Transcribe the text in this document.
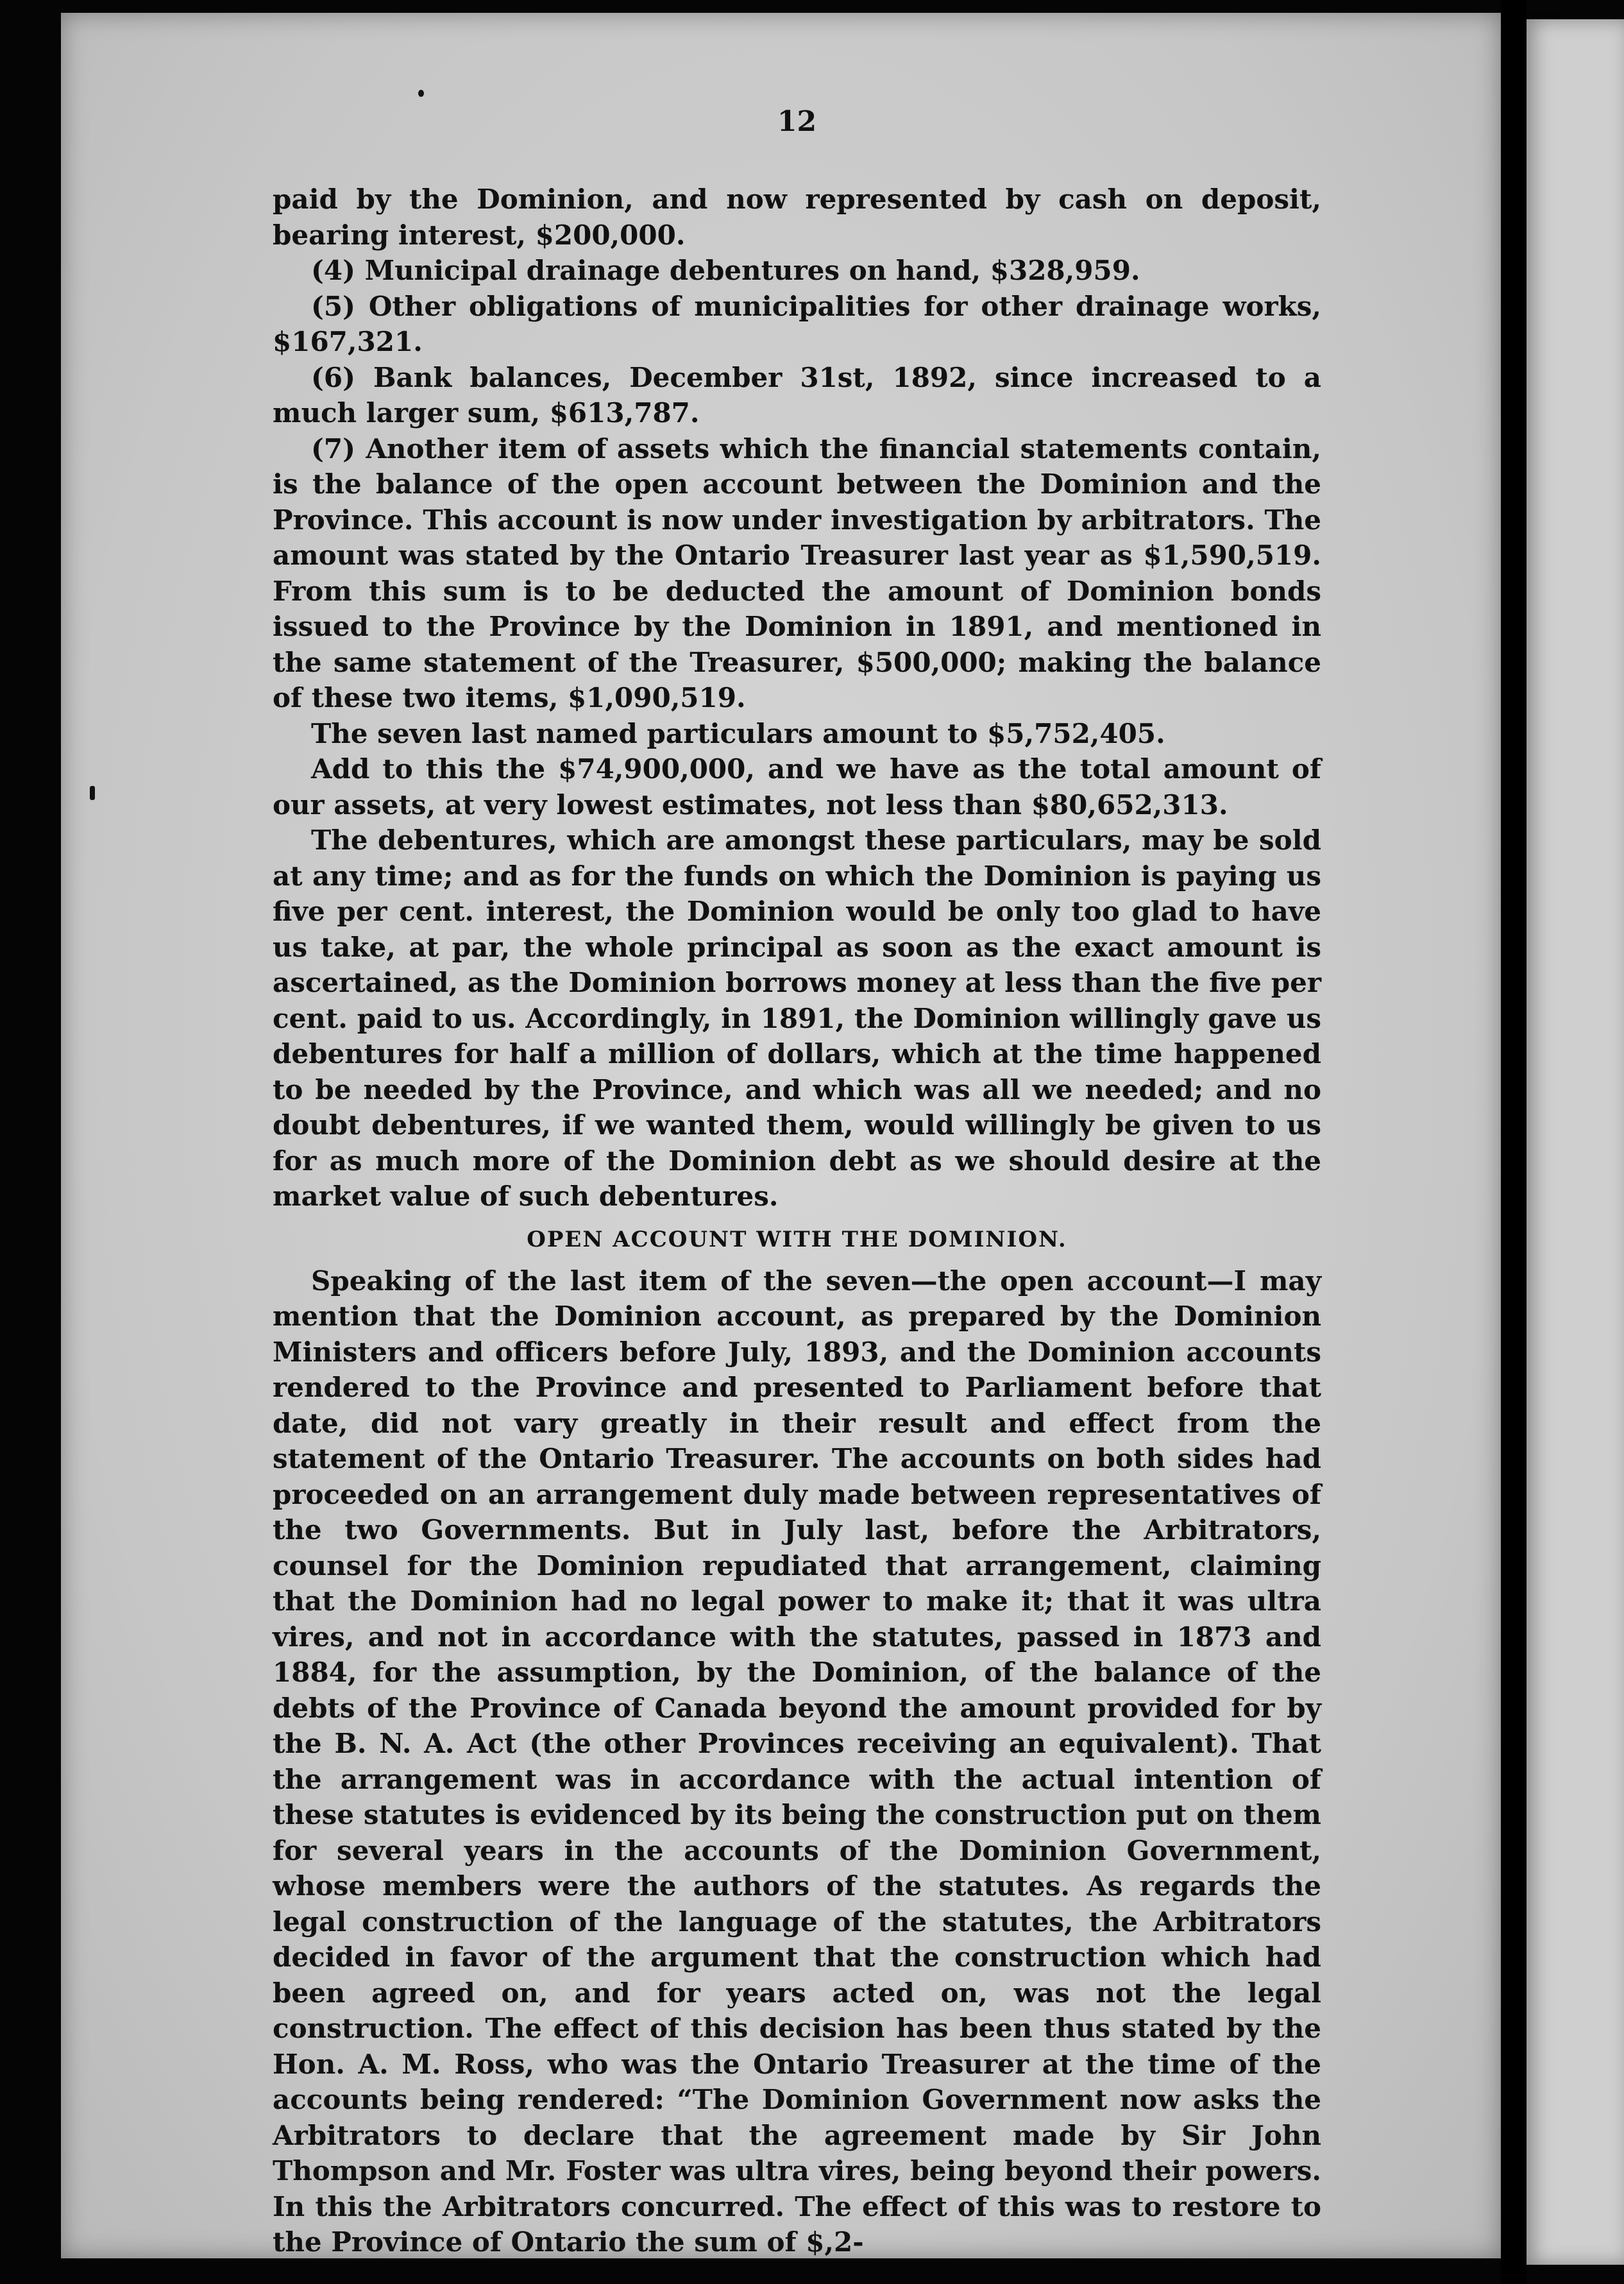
12

paid by the Dominion, and now represented by cash on deposit, bearing interest, $200,000.

(4) Municipal drainage debentures on hand, $328,959.

(5) Other obligations of municipalities for other drainage works, $167,321.

(6) Bank balances, December 31st, 1892, since increased to a much larger sum, $613,787.

(7) Another item of assets which the financial statements contain, is the balance of the open account between the Dominion and the Province. This account is now under investigation by arbitrators. The amount was stated by the Ontario Treasurer last year as $1,590,519. From this sum is to be deducted the amount of Dominion bonds issued to the Province by the Dominion in 1891, and mentioned in the same statement of the Treasurer, $500,000; making the balance of these two items, $1,090,519.

The seven last named particulars amount to $5,752,405.

Add to this the $74,900,000, and we have as the total amount of our assets, at very lowest estimates, not less than $80,652,313.

The debentures, which are amongst these particulars, may be sold at any time; and as for the funds on which the Dominion is paying us five per cent. interest, the Dominion would be only too glad to have us take, at par, the whole principal as soon as the exact amount is ascertained, as the Dominion borrows money at less than the five per cent. paid to us. Accordingly, in 1891, the Dominion willingly gave us debentures for half a million of dollars, which at the time happened to be needed by the Province, and which was all we needed; and no doubt debentures, if we wanted them, would willingly be given to us for as much more of the Dominion debt as we should desire at the market value of such debentures.

OPEN ACCOUNT WITH THE DOMINION.

Speaking of the last item of the seven—the open account—I may mention that the Dominion account, as prepared by the Dominion Ministers and officers before July, 1893, and the Dominion accounts rendered to the Province and presented to Parliament before that date, did not vary greatly in their result and effect from the statement of the Ontario Treasurer. The accounts on both sides had proceeded on an arrangement duly made between representatives of the two Governments. But in July last, before the Arbitrators, counsel for the Dominion repudiated that arrangement, claiming that the Dominion had no legal power to make it; that it was ultra vires, and not in accordance with the statutes, passed in 1873 and 1884, for the assumption, by the Dominion, of the balance of the debts of the Province of Canada beyond the amount provided for by the B. N. A. Act (the other Provinces receiving an equivalent). That the arrangement was in accordance with the actual intention of these statutes is evidenced by its being the construction put on them for several years in the accounts of the Dominion Government, whose members were the authors of the statutes. As regards the legal construction of the language of the statutes, the Arbitrators decided in favor of the argument that the construction which had been agreed on, and for years acted on, was not the legal construction. The effect of this decision has been thus stated by the Hon. A. M. Ross, who was the Ontario Treasurer at the time of the accounts being rendered: “The Dominion Government now asks the Arbitrators to declare that the agreement made by Sir John Thompson and Mr. Foster was ultra vires, being beyond their powers. In this the Arbitrators concurred. The effect of this was to restore to the Province of Ontario the sum of $,2-
